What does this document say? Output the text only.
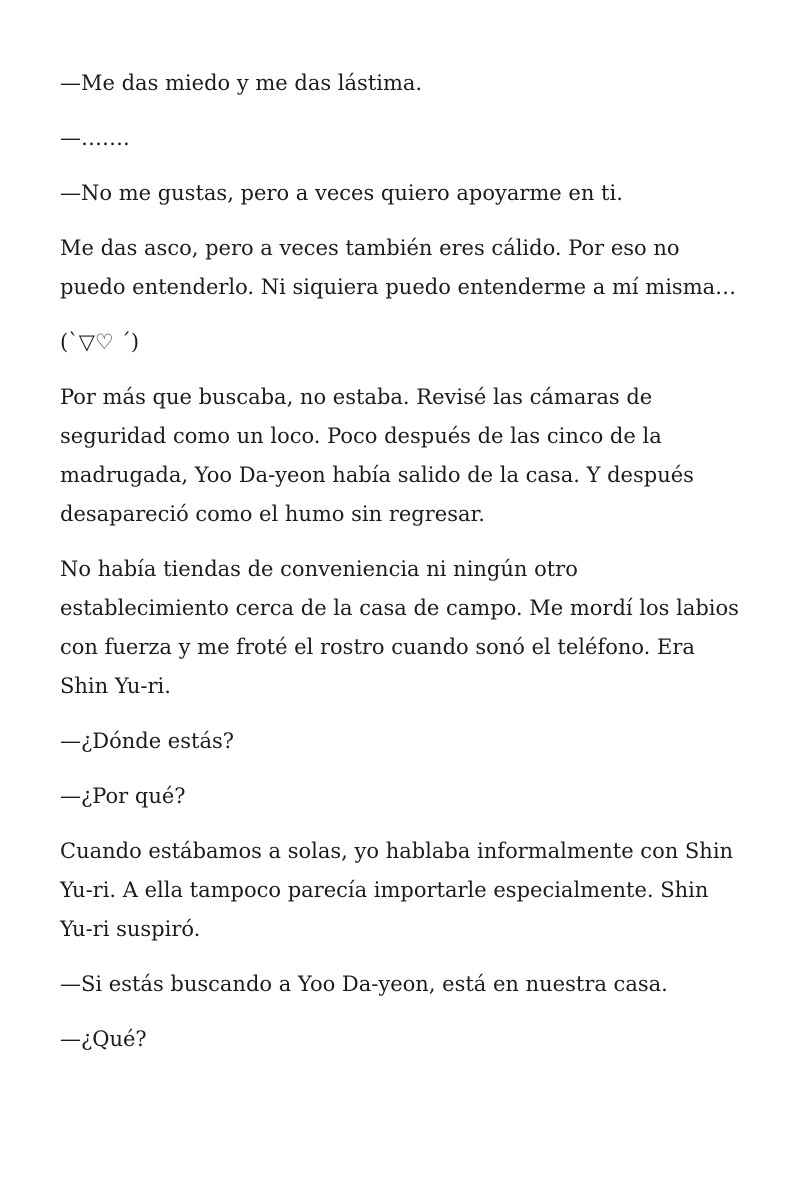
—Me das miedo y me das lástima.

—…….

—No me gustas, pero a veces quiero apoyarme en ti.

Me das asco, pero a veces también eres cálido. Por eso no puedo entenderlo. Ni siquiera puedo entenderme a mí misma…

(ˋ▽♡ ˊ)

Por más que buscaba, no estaba. Revisé las cámaras de seguridad como un loco. Poco después de las cinco de la madrugada, Yoo Da-yeon había salido de la casa. Y después desapareció como el humo sin regresar.

No había tiendas de conveniencia ni ningún otro establecimiento cerca de la casa de campo. Me mordí los labios con fuerza y me froté el rostro cuando sonó el teléfono. Era Shin Yu-ri.

—¿Dónde estás?

—¿Por qué?

Cuando estábamos a solas, yo hablaba informalmente con Shin Yu-ri. A ella tampoco parecía importarle especialmente. Shin Yu-ri suspiró.

—Si estás buscando a Yoo Da-yeon, está en nuestra casa.

—¿Qué?
